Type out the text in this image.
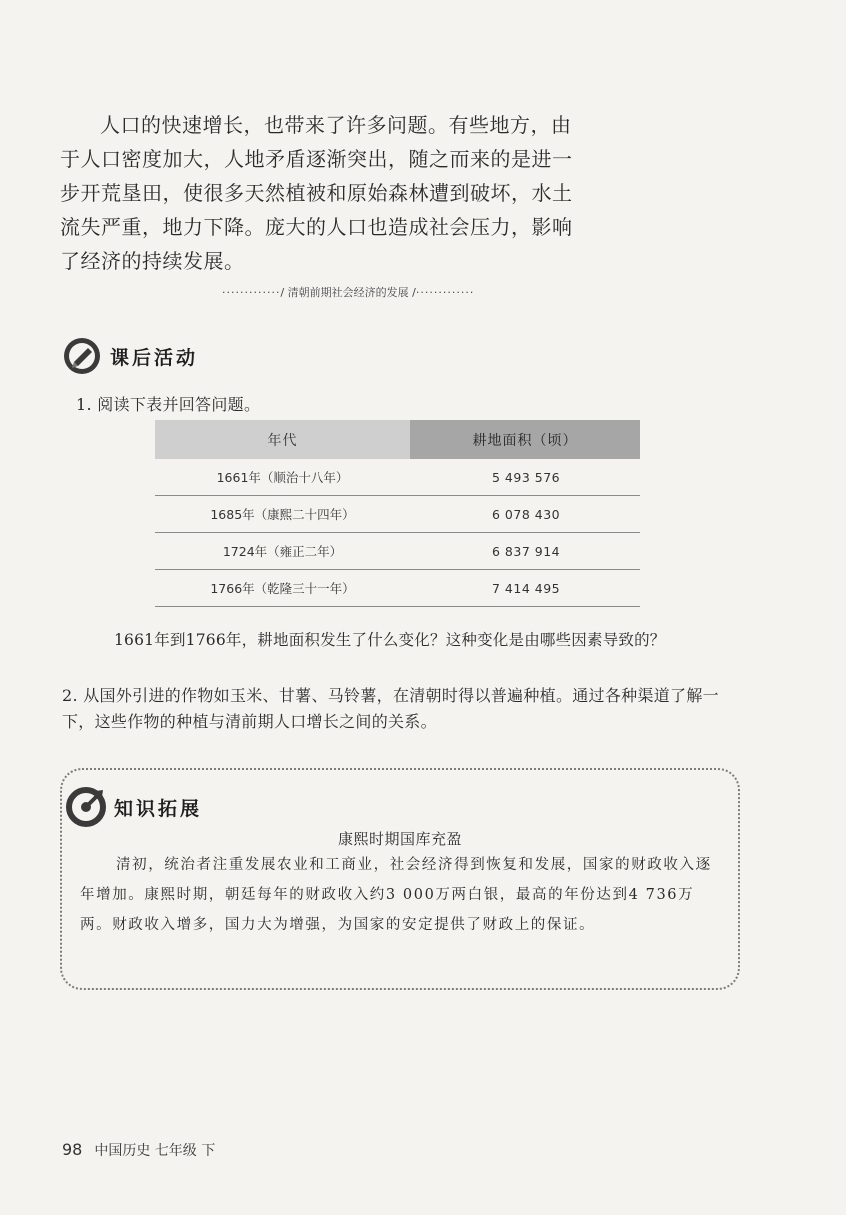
人口的快速增长，也带来了许多问题。有些地方，由于人口密度加大，人地矛盾逐渐突出，随之而来的是进一步开荒垦田，使很多天然植被和原始森林遭到破坏，水土流失严重，地力下降。庞大的人口也造成社会压力，影响了经济的持续发展。

·············/ 清朝前期社会经济的发展 /·············
课后活动
1. 阅读下表并回答问题。
年代	耕地面积（顷）
1661年（顺治十八年）	5 493 576
1685年（康熙二十四年）	6 078 430
1724年（雍正二年）	6 837 914
1766年（乾隆三十一年）	7 414 495
1661年到1766年，耕地面积发生了什么变化？这种变化是由哪些因素导致的？
2. 从国外引进的作物如玉米、甘薯、马铃薯，在清朝时得以普遍种植。通过各种渠道了解一下，这些作物的种植与清前期人口增长之间的关系。
知识拓展
康熙时期国库充盈

清初，统治者注重发展农业和工商业，社会经济得到恢复和发展，国家的财政收入逐年增加。康熙时期，朝廷每年的财政收入约3 000万两白银，最高的年份达到4 736万两。财政收入增多，国力大为增强，为国家的安定提供了财政上的保证。

98 中国历史 七年级 下
